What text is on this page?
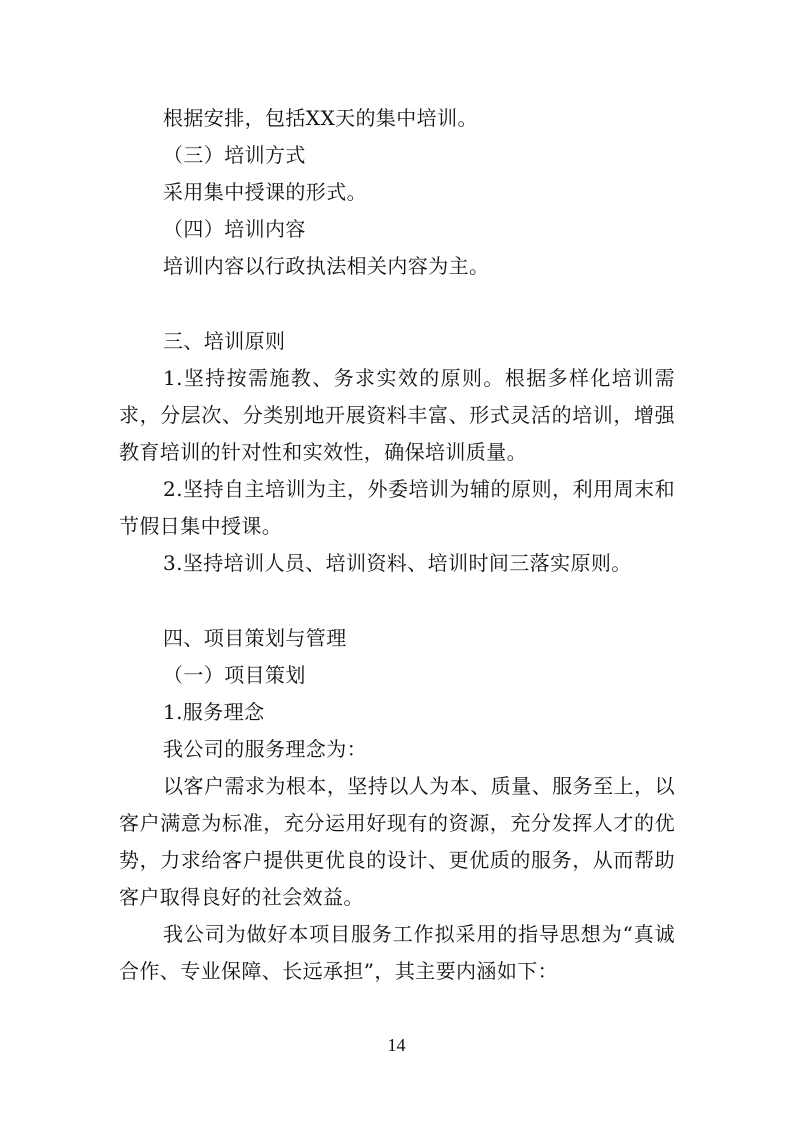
根据安排，包括XX天的集中培训。

（三）培训方式

采用集中授课的形式。

（四）培训内容

培训内容以行政执法相关内容为主。

三、培训原则

1.坚持按需施教、务求实效的原则。根据多样化培训需求，分层次、分类别地开展资料丰富、形式灵活的培训，增强教育培训的针对性和实效性，确保培训质量。

2.坚持自主培训为主，外委培训为辅的原则，利用周末和节假日集中授课。

3.坚持培训人员、培训资料、培训时间三落实原则。

四、项目策划与管理

（一）项目策划

1.服务理念

我公司的服务理念为：

以客户需求为根本，坚持以人为本、质量、服务至上，以客户满意为标准，充分运用好现有的资源，充分发挥人才的优势，力求给客户提供更优良的设计、更优质的服务，从而帮助客户取得良好的社会效益。

我公司为做好本项目服务工作拟采用的指导思想为“真诚合作、专业保障、长远承担”，其主要内涵如下：

14
